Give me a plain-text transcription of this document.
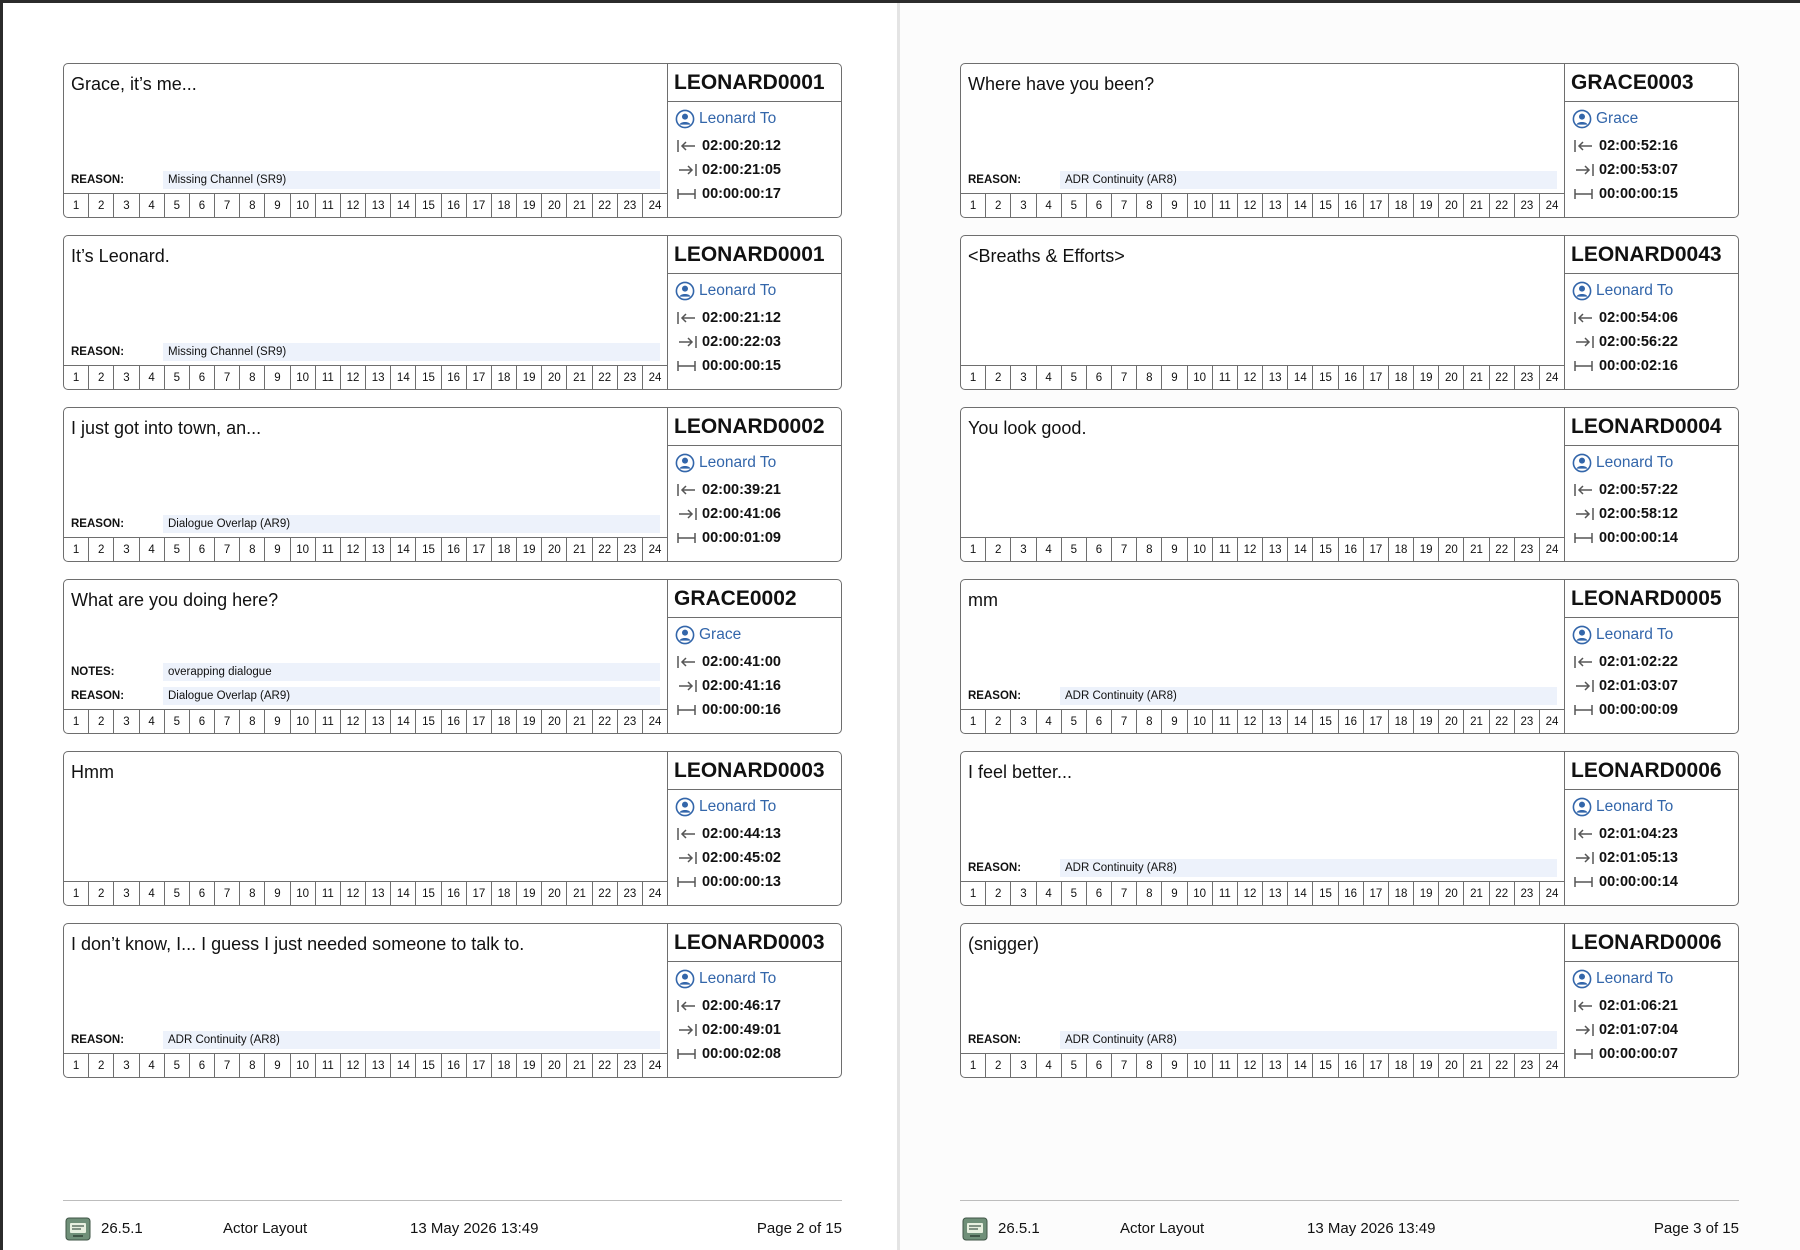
Grace, it’s me...
REASON:	Missing Channel (SR9)
1	2	3	4	5	6	7	8	9	10	11	12	13	14	15	16	17	18	19	20	21	22	23	24
LEONARD0001
Leonard To
02:00:20:12
02:00:21:05
00:00:00:17
It’s Leonard.
REASON:	Missing Channel (SR9)
1	2	3	4	5	6	7	8	9	10	11	12	13	14	15	16	17	18	19	20	21	22	23	24
LEONARD0001
Leonard To
02:00:21:12
02:00:22:03
00:00:00:15
I just got into town, an...
REASON:	Dialogue Overlap (AR9)
1	2	3	4	5	6	7	8	9	10	11	12	13	14	15	16	17	18	19	20	21	22	23	24
LEONARD0002
Leonard To
02:00:39:21
02:00:41:06
00:00:01:09
What are you doing here?
NOTES:	overapping dialogue
REASON:	Dialogue Overlap (AR9)
1	2	3	4	5	6	7	8	9	10	11	12	13	14	15	16	17	18	19	20	21	22	23	24
GRACE0002
Grace
02:00:41:00
02:00:41:16
00:00:00:16
Hmm
1	2	3	4	5	6	7	8	9	10	11	12	13	14	15	16	17	18	19	20	21	22	23	24
LEONARD0003
Leonard To
02:00:44:13
02:00:45:02
00:00:00:13
I don’t know, I... I guess I just needed someone to talk to.
REASON:	ADR Continuity (AR8)
1	2	3	4	5	6	7	8	9	10	11	12	13	14	15	16	17	18	19	20	21	22	23	24
LEONARD0003
Leonard To
02:00:46:17
02:00:49:01
00:00:02:08
26.5.1	Actor Layout	13 May 2026 13:49	Page 2 of 15
Where have you been?
REASON:	ADR Continuity (AR8)
1	2	3	4	5	6	7	8	9	10	11	12	13	14	15	16	17	18	19	20	21	22	23	24
GRACE0003
Grace
02:00:52:16
02:00:53:07
00:00:00:15
<Breaths & Efforts>
1	2	3	4	5	6	7	8	9	10	11	12	13	14	15	16	17	18	19	20	21	22	23	24
LEONARD0043
Leonard To
02:00:54:06
02:00:56:22
00:00:02:16
You look good.
1	2	3	4	5	6	7	8	9	10	11	12	13	14	15	16	17	18	19	20	21	22	23	24
LEONARD0004
Leonard To
02:00:57:22
02:00:58:12
00:00:00:14
mm
REASON:	ADR Continuity (AR8)
1	2	3	4	5	6	7	8	9	10	11	12	13	14	15	16	17	18	19	20	21	22	23	24
LEONARD0005
Leonard To
02:01:02:22
02:01:03:07
00:00:00:09
I feel better...
REASON:	ADR Continuity (AR8)
1	2	3	4	5	6	7	8	9	10	11	12	13	14	15	16	17	18	19	20	21	22	23	24
LEONARD0006
Leonard To
02:01:04:23
02:01:05:13
00:00:00:14
(snigger)
REASON:	ADR Continuity (AR8)
1	2	3	4	5	6	7	8	9	10	11	12	13	14	15	16	17	18	19	20	21	22	23	24
LEONARD0006
Leonard To
02:01:06:21
02:01:07:04
00:00:00:07
26.5.1	Actor Layout	13 May 2026 13:49	Page 3 of 15
